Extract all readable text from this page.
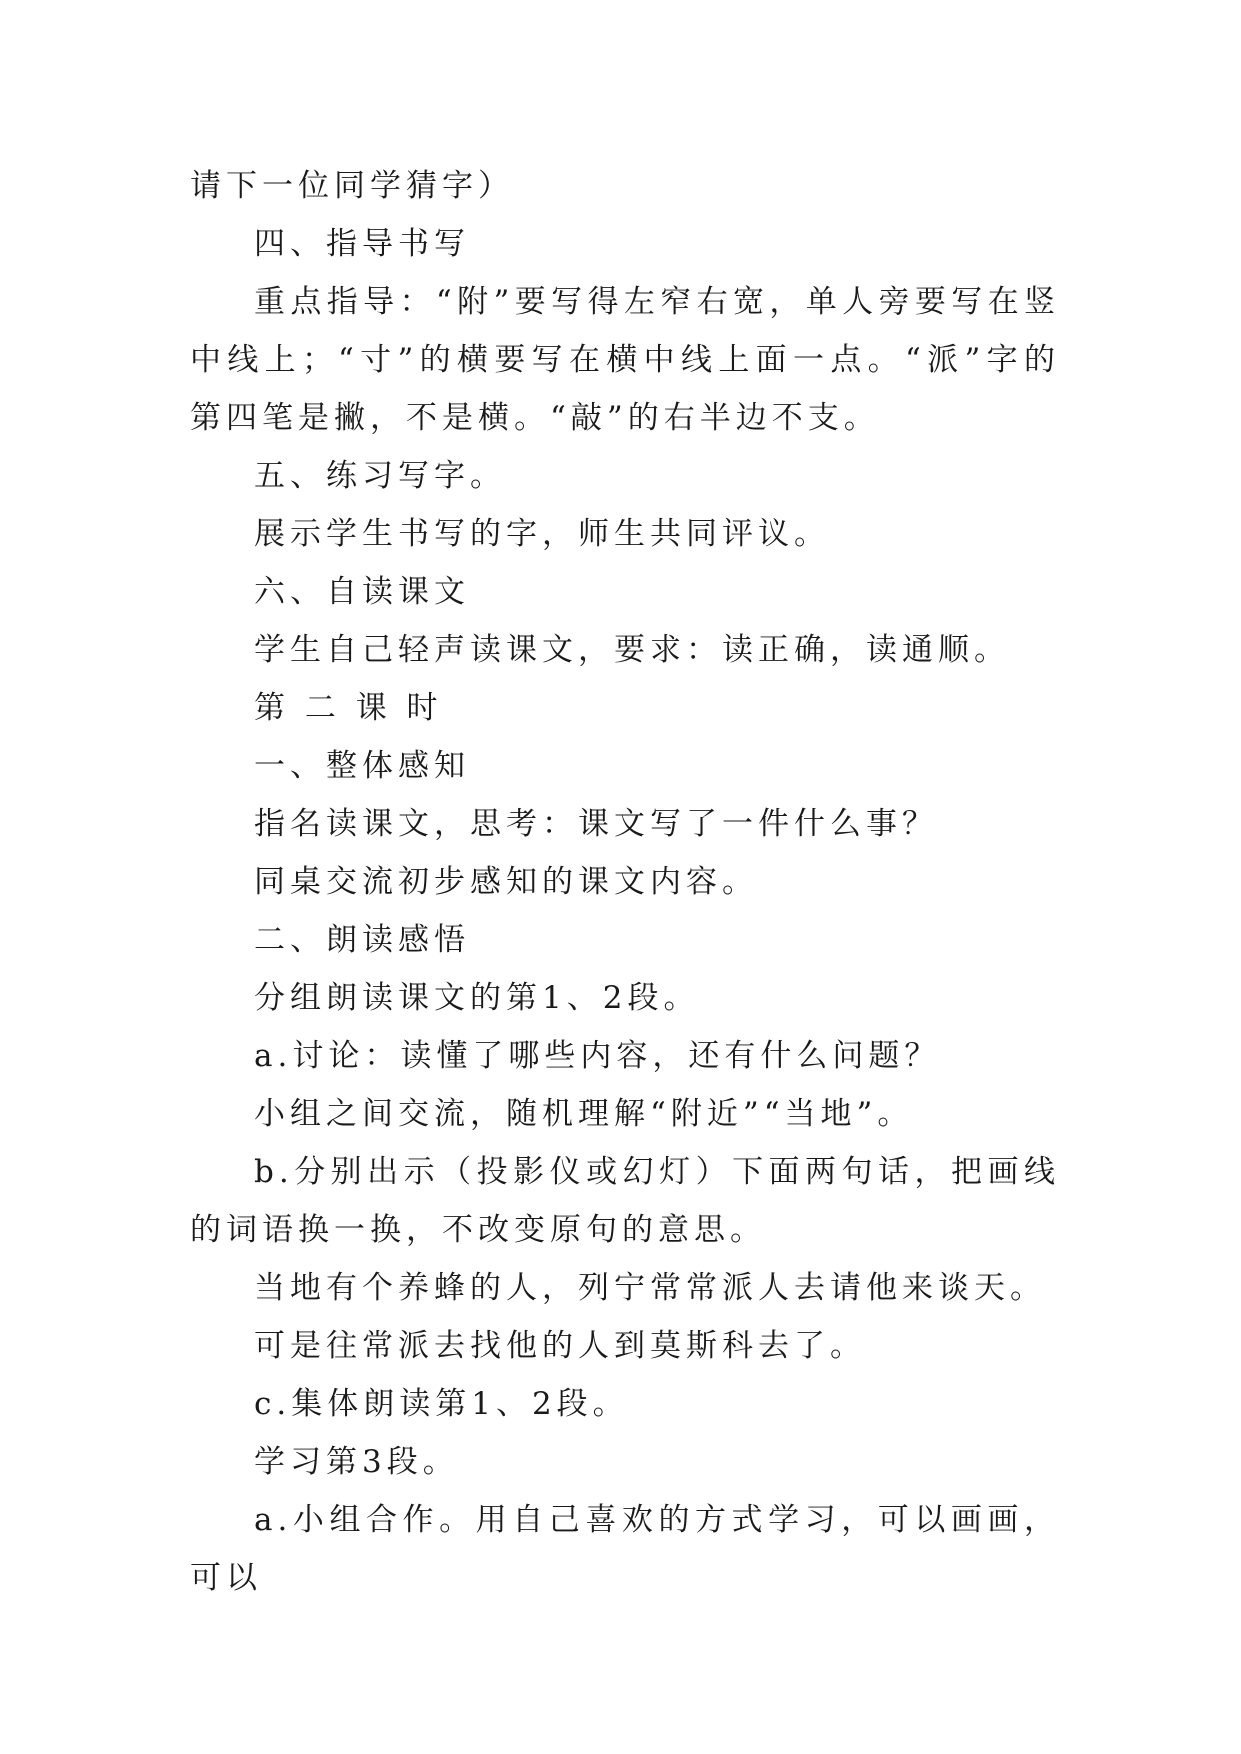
请下一位同学猜字）

四、指导书写

重点指导：“附”要写得左窄右宽，单人旁要写在竖中线上；“寸”的横要写在横中线上面一点。“派”字的第四笔是撇，不是横。“敲”的右半边不支。

五、练习写字。

展示学生书写的字，师生共同评议。

六、自读课文

学生自己轻声读课文，要求：读正确，读通顺。

第 二 课 时

一、整体感知

指名读课文，思考：课文写了一件什么事？

同桌交流初步感知的课文内容。

二、朗读感悟

分组朗读课文的第1、2段。

a.讨论：读懂了哪些内容，还有什么问题？

小组之间交流，随机理解“附近”“当地”。

b.分别出示（投影仪或幻灯）下面两句话，把画线的词语换一换，不改变原句的意思。

当地有个养蜂的人，列宁常常派人去请他来谈天。

可是往常派去找他的人到莫斯科去了。

c.集体朗读第1、2段。

学习第3段。

a.小组合作。用自己喜欢的方式学习，可以画画，可以
